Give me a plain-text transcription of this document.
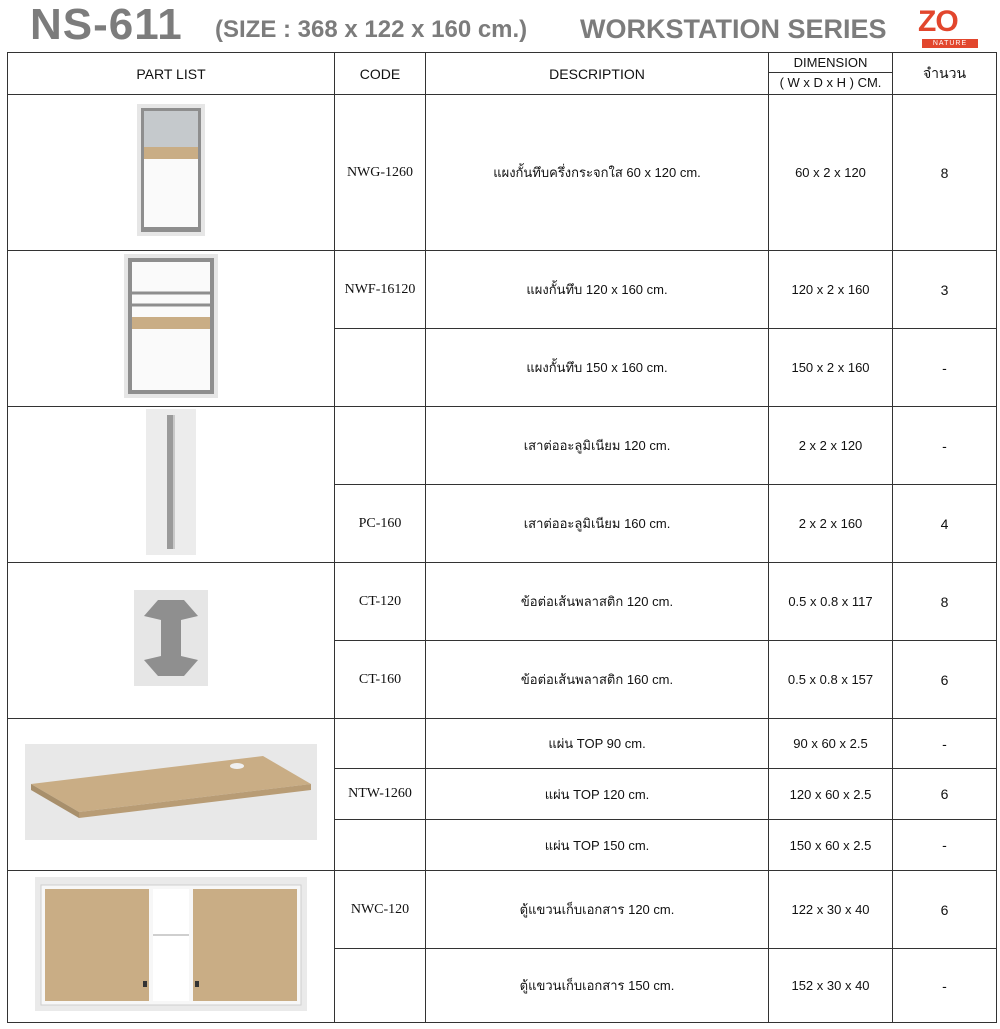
NS-611 (SIZE : 368 x 122 x 160 cm.) WORKSTATION SERIES ZO
NATURE
PART LIST	CODE	DESCRIPTION	DIMENSION
( W x D x H ) CM.	จำนวน
	NWG-1260	แผงกั้นทึบครึ่งกระจกใส 60 x 120 cm.	60 x 2 x 120	8
	NWF-16120	แผงกั้นทึบ 120 x 160 cm.	120 x 2 x 160	3
		แผงกั้นทึบ 150 x 160 cm.	150 x 2 x 160	-
		เสาต่ออะลูมิเนียม 120 cm.	2 x 2 x 120	-
	PC-160	เสาต่ออะลูมิเนียม 160 cm.	2 x 2 x 160	4
	CT-120	ข้อต่อเส้นพลาสติก 120 cm.	0.5 x 0.8 x 117	8
	CT-160	ข้อต่อเส้นพลาสติก 160 cm.	0.5 x 0.8 x 157	6
		แผ่น TOP 90 cm.	90 x 60 x 2.5	-
	NTW-1260	แผ่น TOP 120 cm.	120 x 60 x 2.5	6
		แผ่น TOP 150 cm.	150 x 60 x 2.5	-
	NWC-120	ตู้แขวนเก็บเอกสาร 120 cm.	122 x 30 x 40	6
		ตู้แขวนเก็บเอกสาร 150 cm.	152 x 30 x 40	-
